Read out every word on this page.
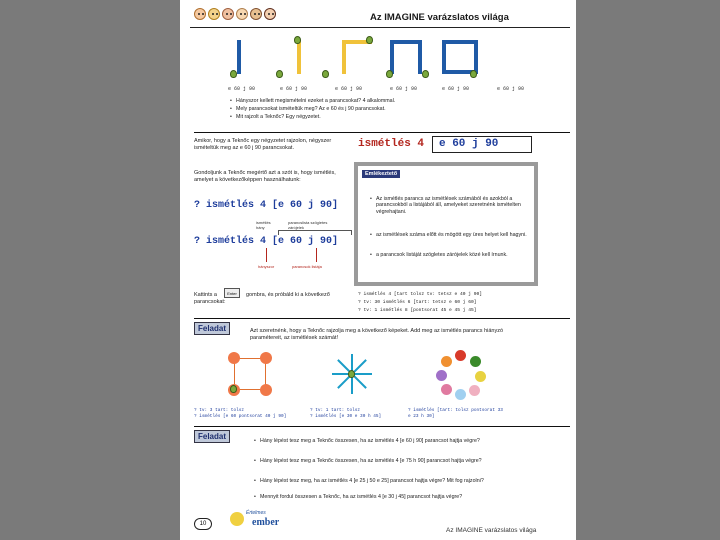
Az IMAGINE varázslatos világa
e 60 j 90	e 60 j 90	e 60 j 90	e 60 j 90	e 60 j 90	e 60 j 90
• Hányszor kellett megismételni ezeket a parancsokat? 4 alkalommal.
• Mely parancsokat ismételtük meg? Az e 60 és j 90 parancsokat.
• Mit rajzolt a Teknőc? Egy négyzetet.
Amikor, hogy a Teknőc egy négyzetet rajzolon, négyszer ismételtük meg az e 60 j 90 parancsokat.	ismétlés 4 e 60 j 90
Gondoljunk a Teknőc megértő azt a szót is, hogy ismétlés, amelyet a következőképpen használhatunk:
? ismétlés 4 [e 60 j 90]
ismétlés hány
parancslista szögletes zárójelek
? ismétlés 4 [e 60 j 90]
hányszor	parancsok listája
Emlékeztető
• Az ismétlés parancs az ismétlések számából és azokból a parancsokból a listájából áll, amelyeket szeretnénk ismételten végrehajtani.
• az ismétlések száma előtt és mögött egy üres helyet kell hagyni.
• a parancsok listáját szögletes zárójelek közé kell írnunk.
Kattints a	Enter	gombra, és próbáld ki a következő parancsokat:
? ismétlés 4 [tart tolsz tv: tetsz e 40 j 90]
? tv: 30 ismétlés 6 [tart: tetsz e 60 j 60]
? tv: 1 ismétlés 8 [pontsorat 45 e 45 j 45]
Feladat	Azt szeretnénk, hogy a Teknőc rajzolja meg a következő képeket. Add meg az ismétlés parancs hiányzó paramétereit, az ismétlések számát!
? tv: 3 tart: tolsz
? ismétlés [e 60 pontsorat 40 j 90]
? tv: 1 tart: tolsz
? ismétlés [e 30 e 30 h 45]
? ismétlés [tart: tolsz pontsorat 33
e 23 h 30]
Feladat
•	Hány lépést tesz meg a Teknőc összesen, ha az ismétlés 4 [e 60 j 90] parancsot hajtja végre?
• Hány lépést tesz meg a Teknőc összesen, ha az ismétlés 4 [e 75 h 90] parancsot hajtja végre?
• Hány lépést tesz meg, ha az ismétlés 4 [e 25 j 50 e 25] parancsot hajtja végre? Mit fog rajzolni?
• Mennyit fordul összesen a Teknőc, ha az ismétlés 4 [e 30 j 45] parancsot hajtja végre?
10
Értelmes
ember
Az IMAGINE varázslatos világa
